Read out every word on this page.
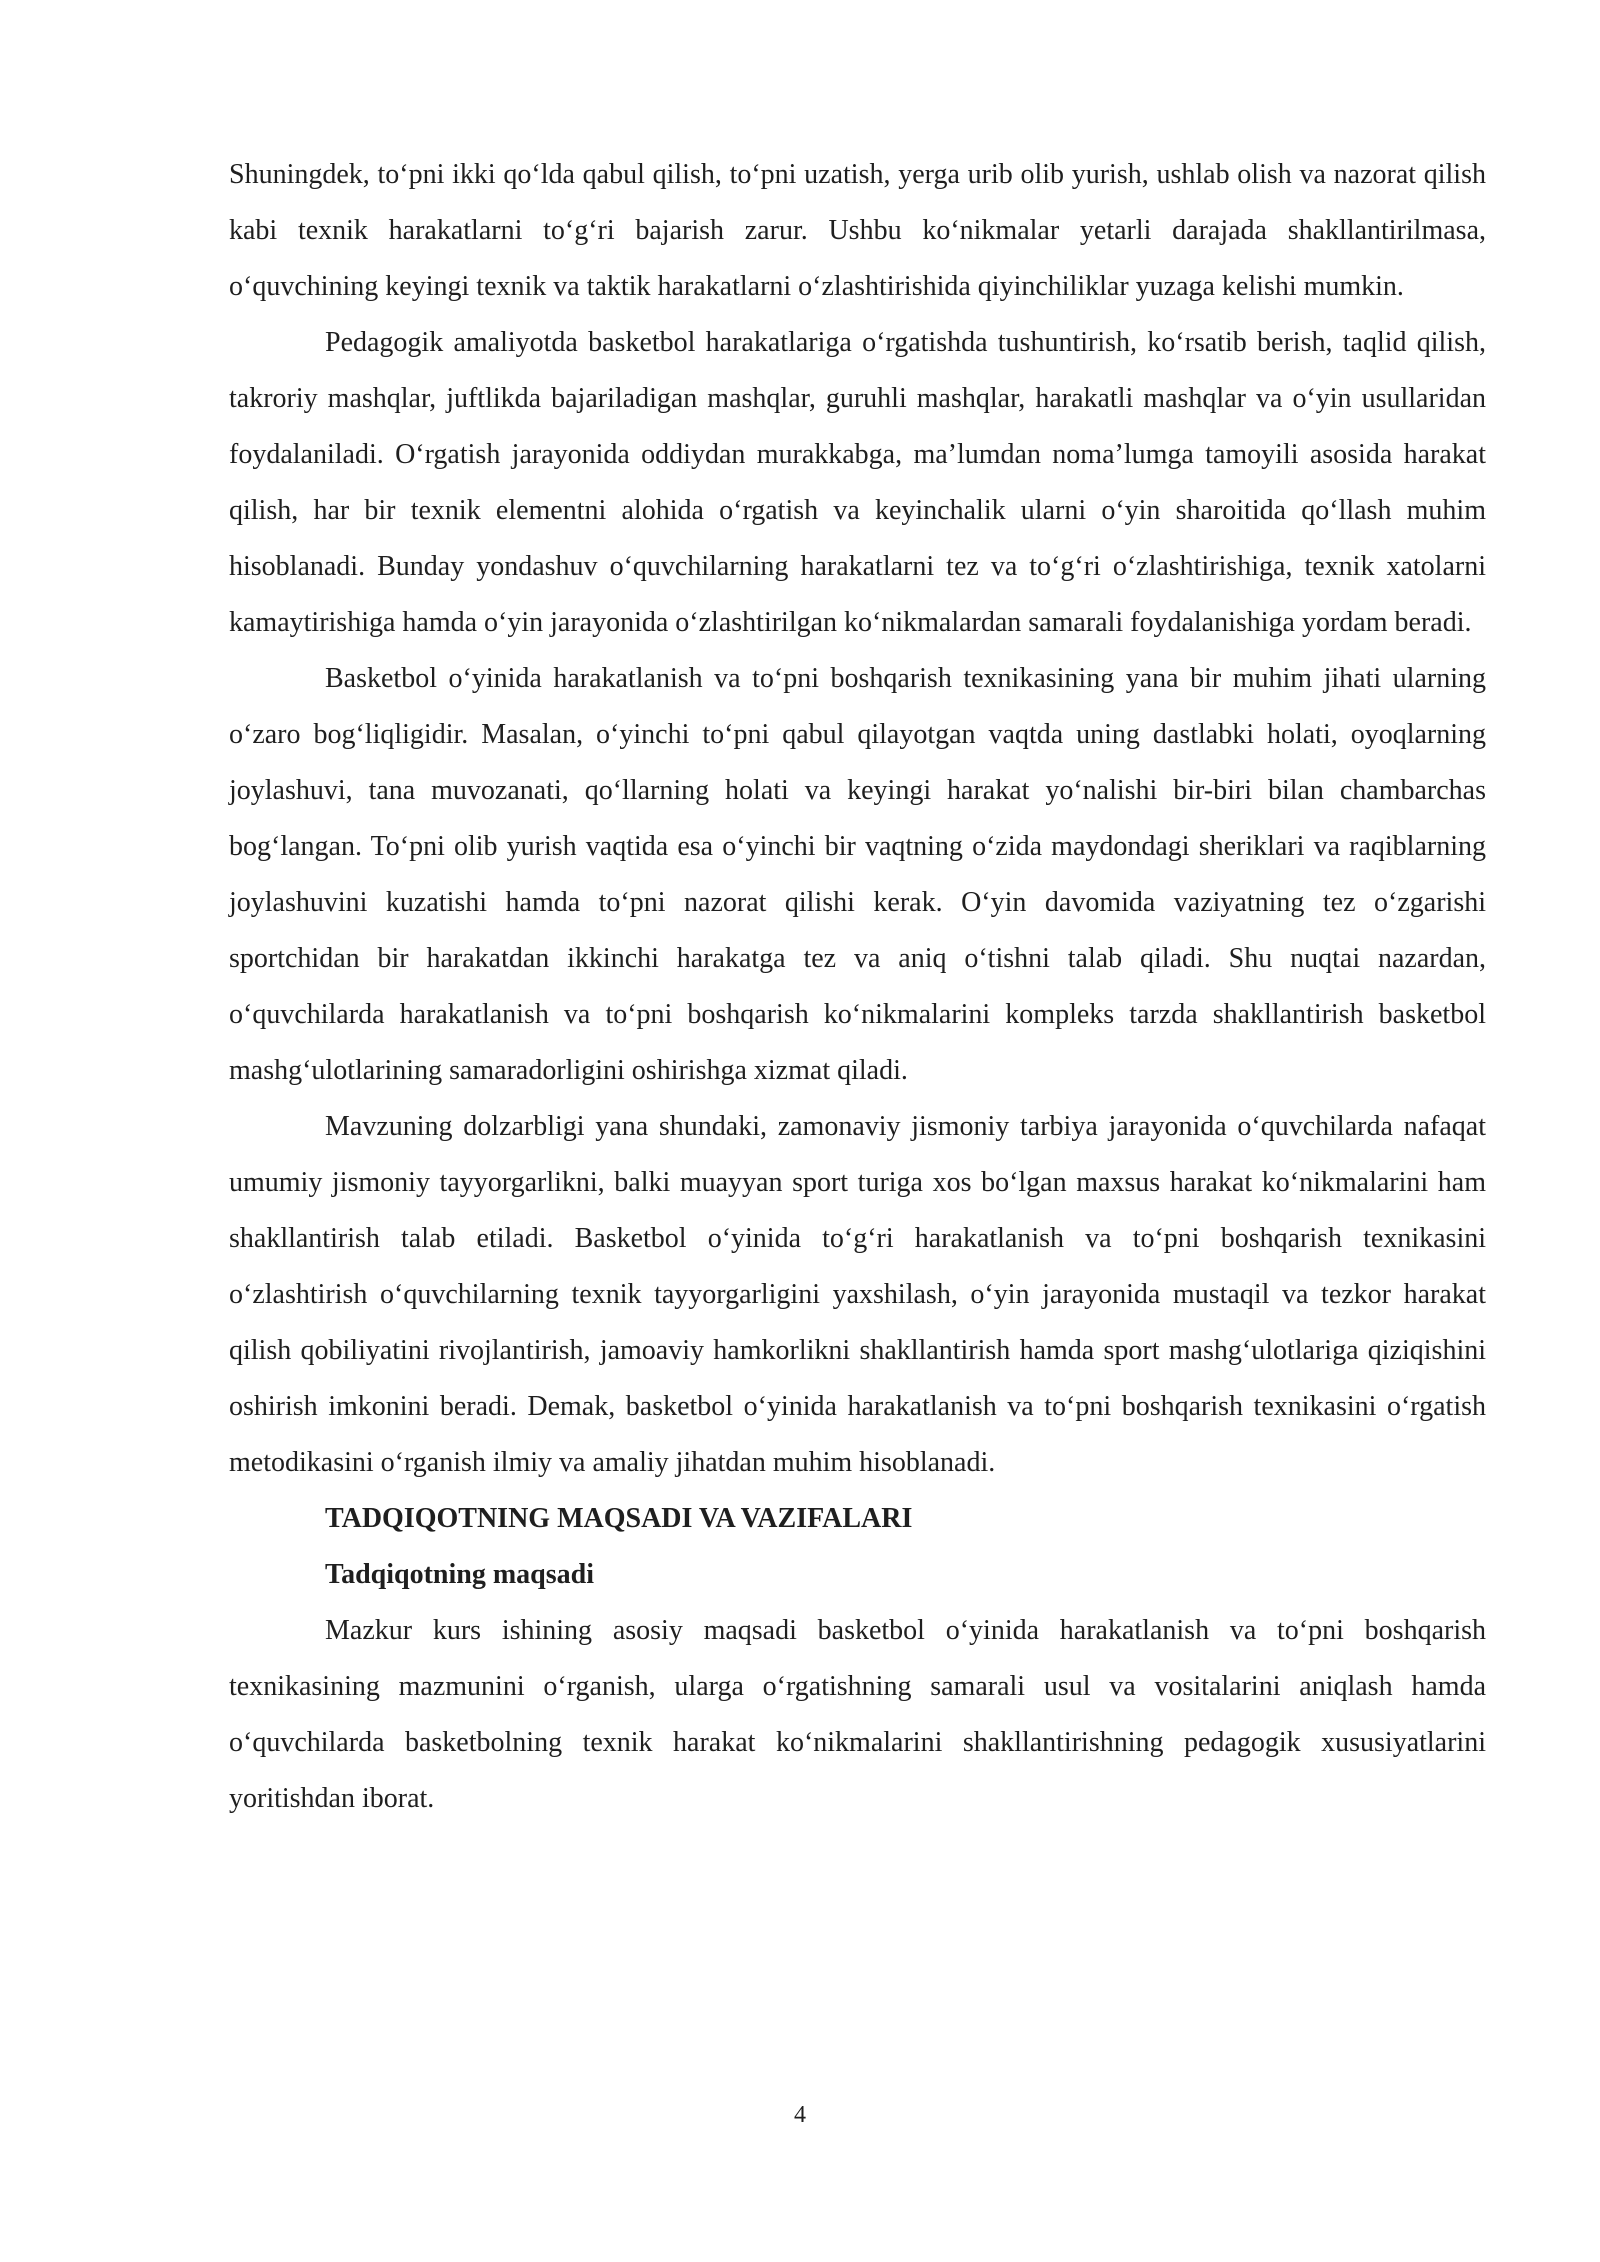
Shuningdek, to‘pni ikki qo‘lda qabul qilish, to‘pni uzatish, yerga urib olib yurish, ushlab olish va nazorat qilish kabi texnik harakatlarni to‘g‘ri bajarish zarur. Ushbu ko‘nikmalar yetarli darajada shakllantirilmasa, o‘quvchining keyingi texnik va taktik harakatlarni o‘zlashtirishida qiyinchiliklar yuzaga kelishi mumkin.

Pedagogik amaliyotda basketbol harakatlariga o‘rgatishda tushuntirish, ko‘rsatib berish, taqlid qilish, takroriy mashqlar, juftlikda bajariladigan mashqlar, guruhli mashqlar, harakatli mashqlar va o‘yin usullaridan foydalaniladi. O‘rgatish jarayonida oddiydan murakkabga, ma’lumdan noma’lumga tamoyili asosida harakat qilish, har bir texnik elementni alohida o‘rgatish va keyinchalik ularni o‘yin sharoitida qo‘llash muhim hisoblanadi. Bunday yondashuv o‘quvchilarning harakatlarni tez va to‘g‘ri o‘zlashtirishiga, texnik xatolarni kamaytirishiga hamda o‘yin jarayonida o‘zlashtirilgan ko‘nikmalardan samarali foydalanishiga yordam beradi.

Basketbol o‘yinida harakatlanish va to‘pni boshqarish texnikasining yana bir muhim jihati ularning o‘zaro bog‘liqligidir. Masalan, o‘yinchi to‘pni qabul qilayotgan vaqtda uning dastlabki holati, oyoqlarning joylashuvi, tana muvozanati, qo‘llarning holati va keyingi harakat yo‘nalishi bir-biri bilan chambarchas bog‘langan. To‘pni olib yurish vaqtida esa o‘yinchi bir vaqtning o‘zida maydondagi sheriklari va raqiblarning joylashuvini kuzatishi hamda to‘pni nazorat qilishi kerak. O‘yin davomida vaziyatning tez o‘zgarishi sportchidan bir harakatdan ikkinchi harakatga tez va aniq o‘tishni talab qiladi. Shu nuqtai nazardan, o‘quvchilarda harakatlanish va to‘pni boshqarish ko‘nikmalarini kompleks tarzda shakllantirish basketbol mashg‘ulotlarining samaradorligini oshirishga xizmat qiladi.

Mavzuning dolzarbligi yana shundaki, zamonaviy jismoniy tarbiya jarayonida o‘quvchilarda nafaqat umumiy jismoniy tayyorgarlikni, balki muayyan sport turiga xos bo‘lgan maxsus harakat ko‘nikmalarini ham shakllantirish talab etiladi. Basketbol o‘yinida to‘g‘ri harakatlanish va to‘pni boshqarish texnikasini o‘zlashtirish o‘quvchilarning texnik tayyorgarligini yaxshilash, o‘yin jarayonida mustaqil va tezkor harakat qilish qobiliyatini rivojlantirish, jamoaviy hamkorlikni shakllantirish hamda sport mashg‘ulotlariga qiziqishini oshirish imkonini beradi. Demak, basketbol o‘yinida harakatlanish va to‘pni boshqarish texnikasini o‘rgatish metodikasini o‘rganish ilmiy va amaliy jihatdan muhim hisoblanadi.

TADQIQOTNING MAQSADI VA VAZIFALARI
Tadqiqotning maqsadi

Mazkur kurs ishining asosiy maqsadi basketbol o‘yinida harakatlanish va to‘pni boshqarish texnikasining mazmunini o‘rganish, ularga o‘rgatishning samarali usul va vositalarini aniqlash hamda o‘quvchilarda basketbolning texnik harakat ko‘nikmalarini shakllantirishning pedagogik xususiyatlarini yoritishdan iborat.

4
